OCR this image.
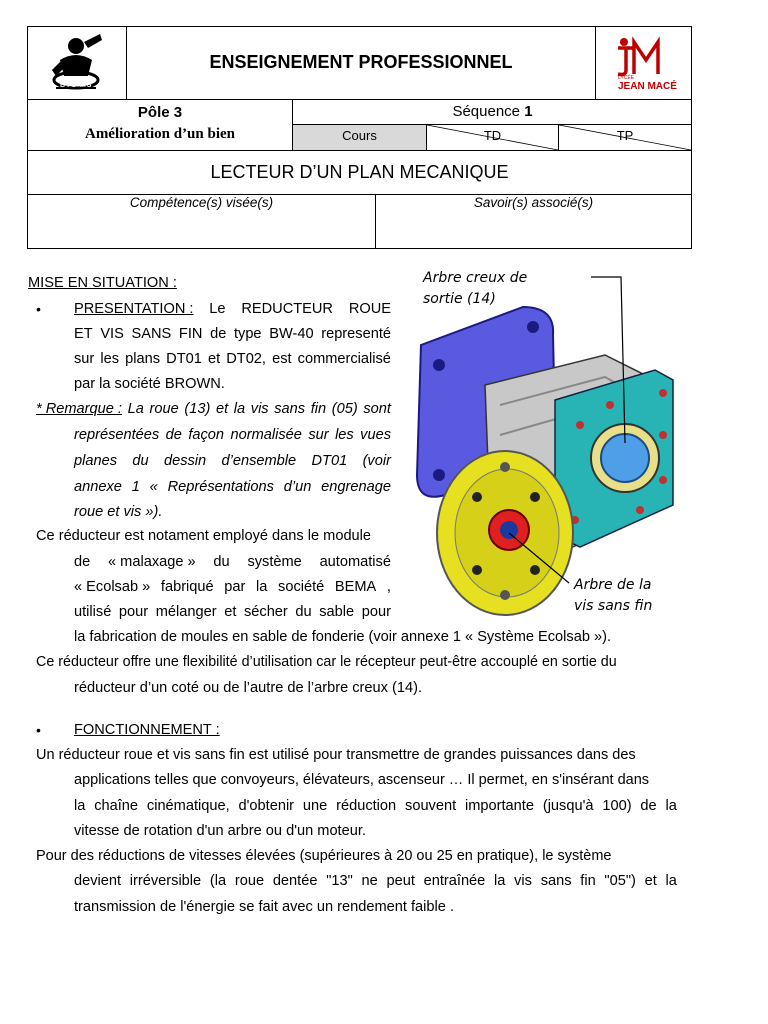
BTS MS
ENSEIGNEMENT PROFESSIONNEL
LYCÉE
JEAN MACÉ
Pôle 3
Amélioration d’un bien
Séquence 1
Cours	TD	TP
LECTEUR D’UN PLAN MECANIQUE
Compétence(s) visée(s)	Savoir(s) associé(s)
Arbre creux de
sortie (14)
Arbre de la
vis sans fin
MISE EN SITUATION :
• PRESENTATION : Le REDUCTEUR ROUE
ET VIS SANS FIN de type BW-40 representé
sur les plans DT01 et DT02, est commercialisé
par la société BROWN.
* Remarque : La roue (13) et la vis sans fin (05) sont
représentées de façon normalisée sur les vues
planes du dessin d’ensemble DT01 (voir
annexe 1 « Représentations d’un engrenage
roue et vis »).
Ce réducteur est notament employé dans le module
de « malaxage » du système automatisé
« Ecolsab » fabriqué par la société BEMA ,
utilisé pour mélanger et sécher du sable pour
la fabrication de moules en sable de fonderie (voir annexe 1 « Système Ecolsab »).
Ce réducteur offre une flexibilité d’utilisation car le récepteur peut-être accouplé en sortie du
réducteur d’un coté ou de l’autre de l’arbre creux (14).
• FONCTIONNEMENT :
Un réducteur roue et vis sans fin est utilisé pour transmettre de grandes puissances dans des
applications telles que convoyeurs, élévateurs, ascenseur … Il permet, en s'insérant dans
la chaîne cinématique, d'obtenir une réduction souvent importante (jusqu'à 100) de la
vitesse de rotation d'un arbre ou d'un moteur.
Pour des réductions de vitesses élevées (supérieures à 20 ou 25 en pratique), le système
devient irréversible (la roue dentée "13" ne peut entraînée la vis sans fin "05") et la
transmission de l'énergie se fait avec un rendement faible .
